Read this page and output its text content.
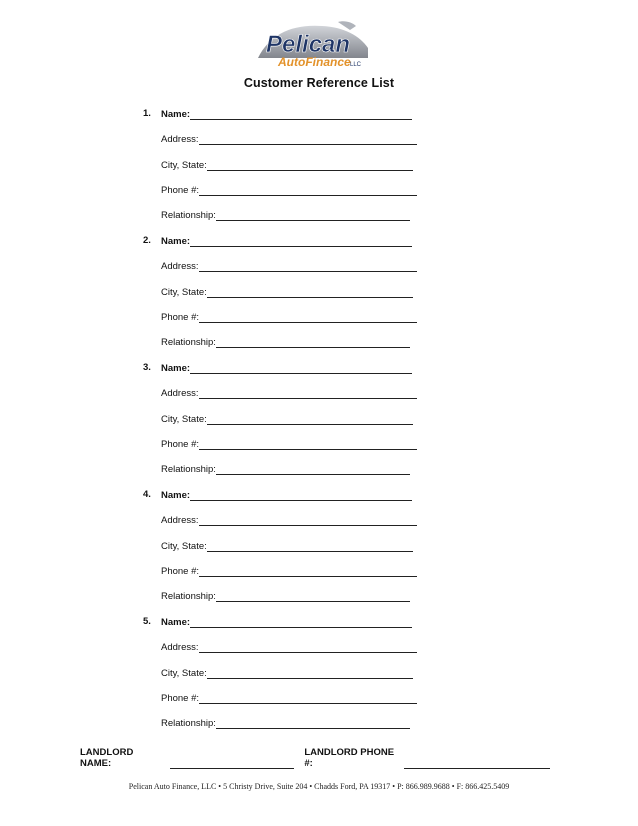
Pelican
AutoFinance LLC
Customer Reference List
1. Name:
Address:
City, State:
Phone #:
Relationship:
2. Name:
Address:
City, State:
Phone #:
Relationship:
3. Name:
Address:
City, State:
Phone #:
Relationship:
4. Name:
Address:
City, State:
Phone #:
Relationship:
5. Name:
Address:
City, State:
Phone #:
Relationship:
LANDLORD NAME:
LANDLORD PHONE #:
Pelican Auto Finance, LLC • 5 Christy Drive, Suite 204 • Chadds Ford, PA 19317 • P: 866.989.9688 • F: 866.425.5409
